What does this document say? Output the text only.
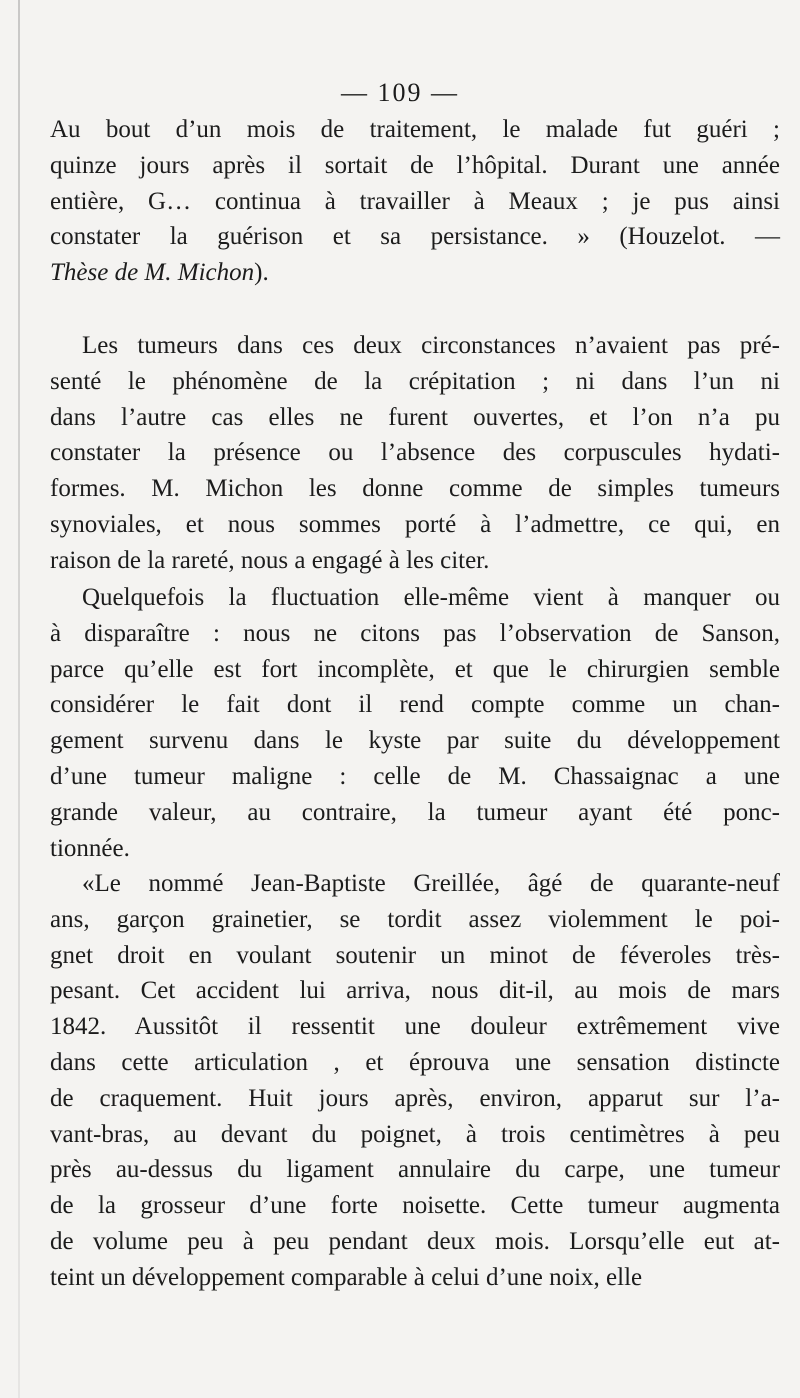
— 109 —
Au bout d’un mois de traitement, le malade fut guéri ;
quinze jours après il sortait de l’hôpital. Durant une année
entière, G… continua à travailler à Meaux ; je pus ainsi
constater la guérison et sa persistance. » (Houzelot. —
Thèse de M. Michon).
Les tumeurs dans ces deux circonstances n’avaient pas pré-
senté le phénomène de la crépitation ; ni dans l’un ni
dans l’autre cas elles ne furent ouvertes, et l’on n’a pu
constater la présence ou l’absence des corpuscules hydati-
formes. M. Michon les donne comme de simples tumeurs
synoviales, et nous sommes porté à l’admettre, ce qui, en
raison de la rareté, nous a engagé à les citer.
Quelquefois la fluctuation elle-même vient à manquer ou
à disparaître : nous ne citons pas l’observation de Sanson,
parce qu’elle est fort incomplète, et que le chirurgien semble
considérer le fait dont il rend compte comme un chan-
gement survenu dans le kyste par suite du développement
d’une tumeur maligne : celle de M. Chassaignac a une
grande valeur, au contraire, la tumeur ayant été ponc-
tionnée.
«Le nommé Jean-Baptiste Greillée, âgé de quarante-neuf
ans, garçon grainetier, se tordit assez violemment le poi-
gnet droit en voulant soutenir un minot de féveroles très-
pesant. Cet accident lui arriva, nous dit-il, au mois de mars
1842. Aussitôt il ressentit une douleur extrêmement vive
dans cette articulation , et éprouva une sensation distincte
de craquement. Huit jours après, environ, apparut sur l’a-
vant-bras, au devant du poignet, à trois centimètres à peu
près au-dessus du ligament annulaire du carpe, une tumeur
de la grosseur d’une forte noisette. Cette tumeur augmenta
de volume peu à peu pendant deux mois. Lorsqu’elle eut at-
teint un développement comparable à celui d’une noix, elle
